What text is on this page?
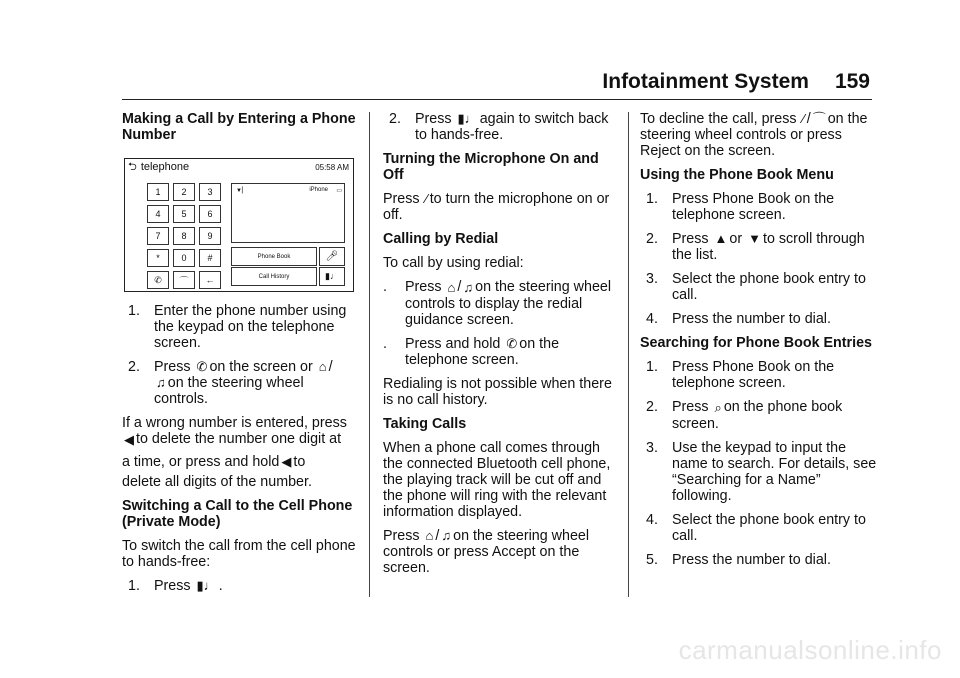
Infotainment System 159

Making a Call by Entering a Phone Number

⮌ telephone	05:58 AM
1	2	3
4	5	6
7	8	9
*	0	#
✆	⌒	←
▼▏	iPhone ▭
Phone Book	🎤︎
Call History	▮♩
1. Enter the phone number using the keypad on the telephone screen.
2. Press ✆ on the screen or ⌂ /
♫ on the steering wheel controls.

If a wrong number is entered, press
◀ to delete the number one digit at
a time, or press and hold ◀ to
delete all digits of the number.

Switching a Call to the Cell Phone (Private Mode)

To switch the call from the cell phone to hands-free:

1. Press ▮♩ .
2. Press ▮♩ again to switch back to hands-free.

Turning the Microphone On and Off

Press ∕ to turn the microphone on or off.

Calling by Redial

To call by using redial:

.	Press ⌂ / ♫ on the steering wheel controls to display the redial guidance screen.
.	Press and hold ✆ on the telephone screen.

Redialing is not possible when there is no call history.

Taking Calls

When a phone call comes through the connected Bluetooth cell phone, the playing track will be cut off and the phone will ring with the relevant information displayed.

Press ⌂ / ♫ on the steering wheel controls or press Accept on the screen.

To decline the call, press ∕ / ⌒ on the steering wheel controls or press Reject on the screen.

Using the Phone Book Menu

1. Press Phone Book on the telephone screen.
2. Press ▲ or ▼ to scroll through the list.
3. Select the phone book entry to call.
4. Press the number to dial.

Searching for Phone Book Entries

1. Press Phone Book on the telephone screen.
2. Press ⌕ on the phone book screen.
3. Use the keypad to input the name to search. For details, see “Searching for a Name” following.
4. Select the phone book entry to call.
5. Press the number to dial.
carmanualsonline.info
